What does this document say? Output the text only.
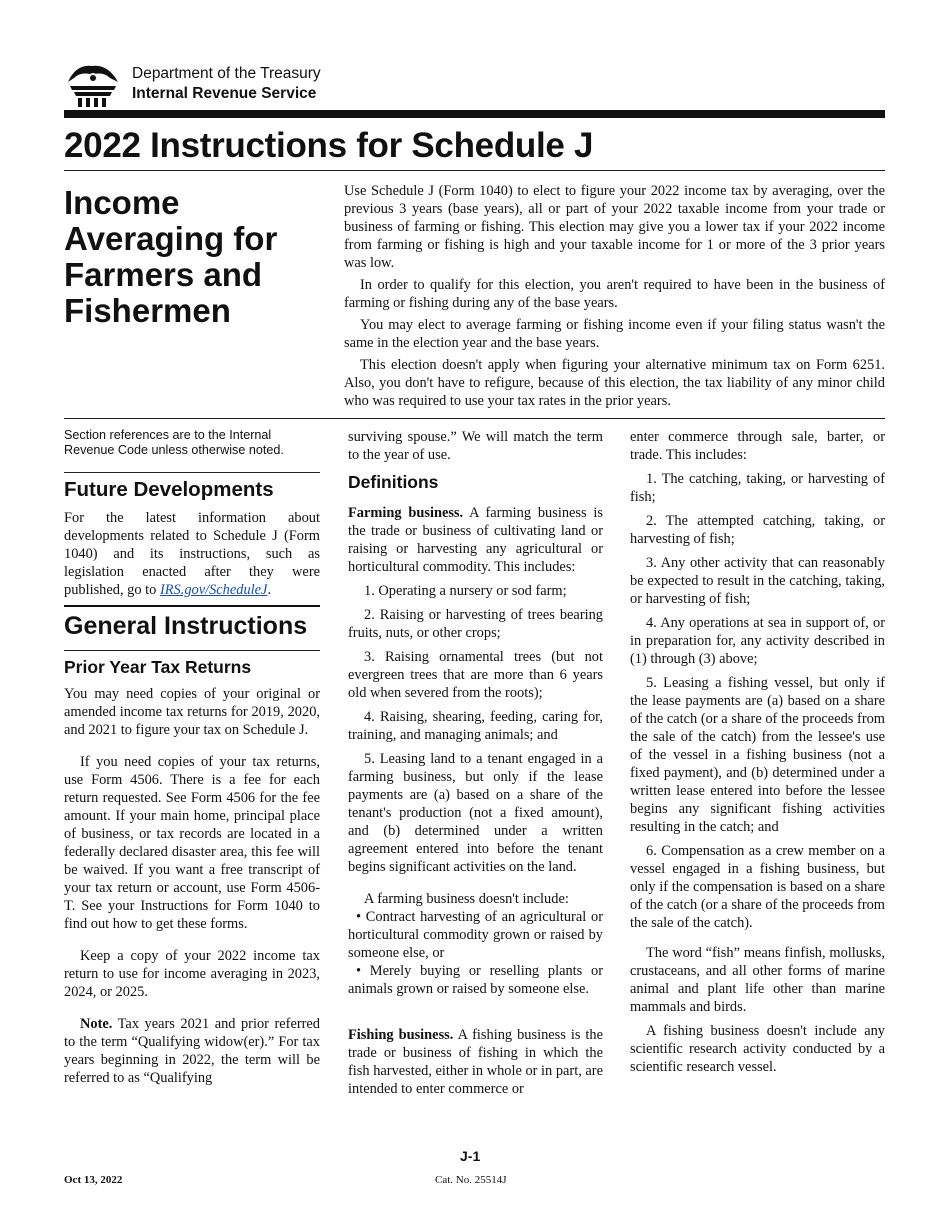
Department of the Treasury
Internal Revenue Service
2022 Instructions for Schedule J
Income Averaging for Farmers and Fishermen

Use Schedule J (Form 1040) to elect to figure your 2022 income tax by averaging, over the previous 3 years (base years), all or part of your 2022 taxable income from your trade or business of farming or fishing. This election may give you a lower tax if your 2022 income from farming or fishing is high and your taxable income for 1 or more of the 3 prior years was low.

In order to qualify for this election, you aren't required to have been in the business of farming or fishing during any of the base years.

You may elect to average farming or fishing income even if your filing status wasn't the same in the election year and the base years.

This election doesn't apply when figuring your alternative minimum tax on Form 6251. Also, you don't have to refigure, because of this election, the tax liability of any minor child who was required to use your tax rates in the prior years.

Section references are to the Internal Revenue Code unless otherwise noted.

Future Developments

For the latest information about developments related to Schedule J (Form 1040) and its instructions, such as legislation enacted after they were published, go to IRS.gov/ScheduleJ.

General Instructions
Prior Year Tax Returns

You may need copies of your original or amended income tax returns for 2019, 2020, and 2021 to figure your tax on Schedule J.

If you need copies of your tax returns, use Form 4506. There is a fee for each return requested. See Form 4506 for the fee amount. If your main home, principal place of business, or tax records are located in a federally declared disaster area, this fee will be waived. If you want a free transcript of your tax return or account, use Form 4506-T. See your Instructions for Form 1040 to find out how to get these forms.

Keep a copy of your 2022 income tax return to use for income averaging in 2023, 2024, or 2025.

Note. Tax years 2021 and prior referred to the term “Qualifying widow(er).” For tax years beginning in 2022, the term will be referred to as “Qualifying

surviving spouse.” We will match the term to the year of use.

Definitions

Farming business. A farming business is the trade or business of cultivating land or raising or harvesting any agricultural or horticultural commodity. This includes:

1. Operating a nursery or sod farm;

2. Raising or harvesting of trees bearing fruits, nuts, or other crops;

3. Raising ornamental trees (but not evergreen trees that are more than 6 years old when severed from the roots);

4. Raising, shearing, feeding, caring for, training, and managing animals; and

5. Leasing land to a tenant engaged in a farming business, but only if the lease payments are (a) based on a share of the tenant's production (not a fixed amount), and (b) determined under a written agreement entered into before the tenant begins significant activities on the land.

A farming business doesn't include:

• Contract harvesting of an agricultural or horticultural commodity grown or raised by someone else, or

• Merely buying or reselling plants or animals grown or raised by someone else.

Fishing business. A fishing business is the trade or business of fishing in which the fish harvested, either in whole or in part, are intended to enter commerce or

enter commerce through sale, barter, or trade. This includes:

1. The catching, taking, or harvesting of fish;

2. The attempted catching, taking, or harvesting of fish;

3. Any other activity that can reasonably be expected to result in the catching, taking, or harvesting of fish;

4. Any operations at sea in support of, or in preparation for, any activity described in (1) through (3) above;

5. Leasing a fishing vessel, but only if the lease payments are (a) based on a share of the catch (or a share of the proceeds from the sale of the catch) from the lessee's use of the vessel in a fishing business (not a fixed payment), and (b) determined under a written lease entered into before the lessee begins any significant fishing activities resulting in the catch; and

6. Compensation as a crew member on a vessel engaged in a fishing business, but only if the compensation is based on a share of the catch (or a share of the proceeds from the sale of the catch).

The word “fish” means finfish, mollusks, crustaceans, and all other forms of marine animal and plant life other than marine mammals and birds.

A fishing business doesn't include any scientific research activity conducted by a scientific research vessel.

J-1
Oct 13, 2022	Cat. No. 25514J
